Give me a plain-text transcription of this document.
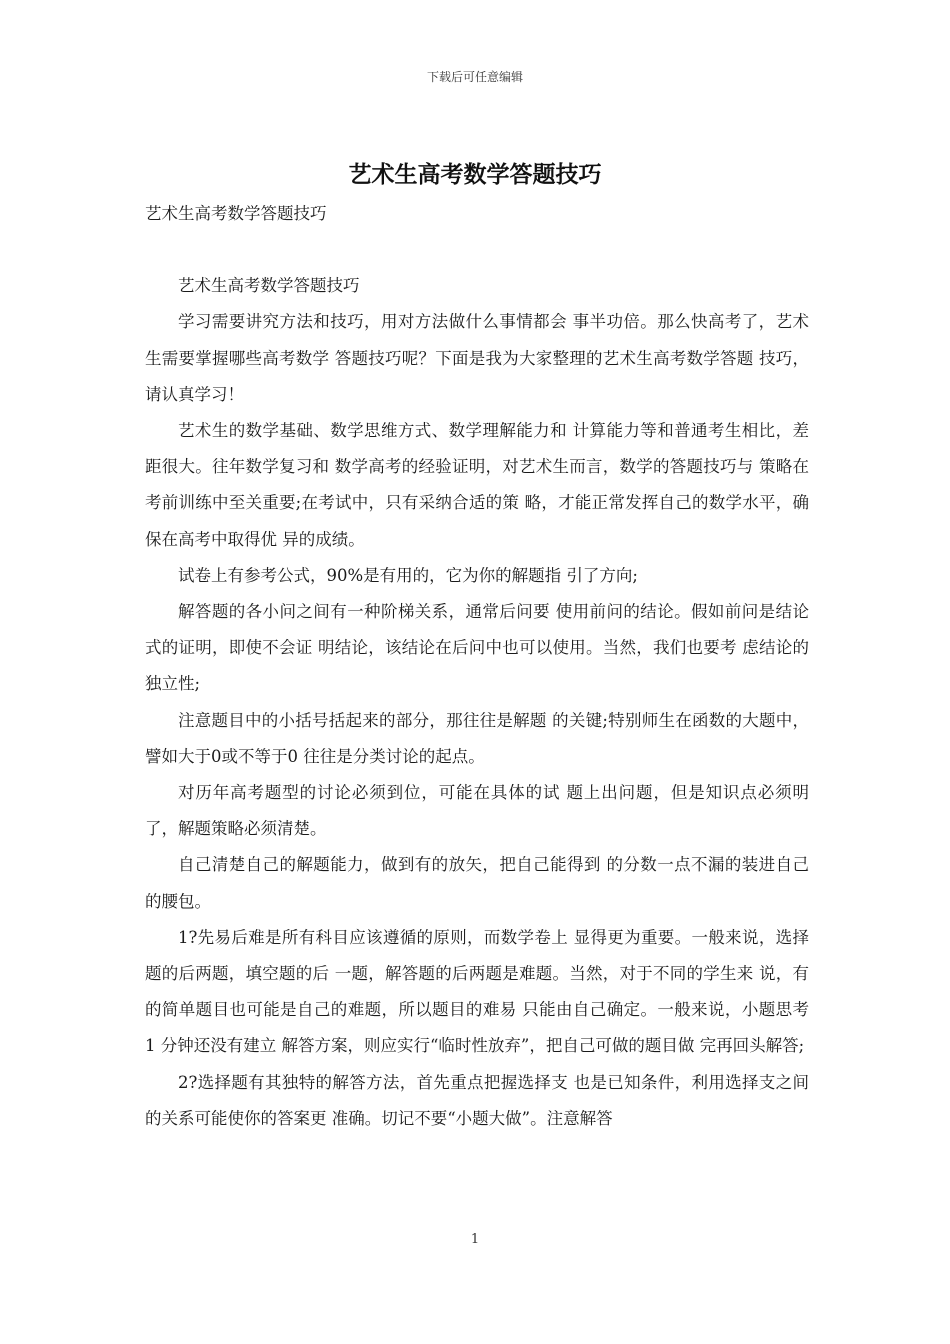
下载后可任意编辑
艺术生高考数学答题技巧

艺术生高考数学答题技巧

艺术生高考数学答题技巧

学习需要讲究方法和技巧，用对方法做什么事情都会 事半功倍。那么快高考了，艺术生需要掌握哪些高考数学 答题技巧呢？下面是我为大家整理的艺术生高考数学答题 技巧，请认真学习！

艺术生的数学基础、数学思维方式、数学理解能力和 计算能力等和普通考生相比，差距很大。往年数学复习和 数学高考的经验证明，对艺术生而言，数学的答题技巧与 策略在考前训练中至关重要;在考试中，只有采纳合适的策 略，才能正常发挥自己的数学水平，确保在高考中取得优 异的成绩。

试卷上有参考公式，90%是有用的，它为你的解题指 引了方向;

解答题的各小问之间有一种阶梯关系，通常后问要 使用前问的结论。假如前问是结论式的证明，即使不会证 明结论，该结论在后问中也可以使用。当然，我们也要考 虑结论的独立性;

注意题目中的小括号括起来的部分，那往往是解题 的关键;特别师生在函数的大题中，譬如大于0或不等于0 往往是分类讨论的起点。

对历年高考题型的讨论必须到位，可能在具体的试 题上出问题，但是知识点必须明了，解题策略必须清楚。

自己清楚自己的解题能力，做到有的放矢，把自己能得到 的分数一点不漏的装进自己的腰包。

1?先易后难是所有科目应该遵循的原则，而数学卷上 显得更为重要。一般来说，选择题的后两题，填空题的后 一题，解答题的后两题是难题。当然，对于不同的学生来 说，有的简单题目也可能是自己的难题，所以题目的难易 只能由自己确定。一般来说，小题思考 1 分钟还没有建立 解答方案，则应实行“临时性放弃”，把自己可做的题目做 完再回头解答;

2?选择题有其独特的解答方法，首先重点把握选择支 也是已知条件，利用选择支之间的关系可能使你的答案更 准确。切记不要“小题大做”。注意解答

1
